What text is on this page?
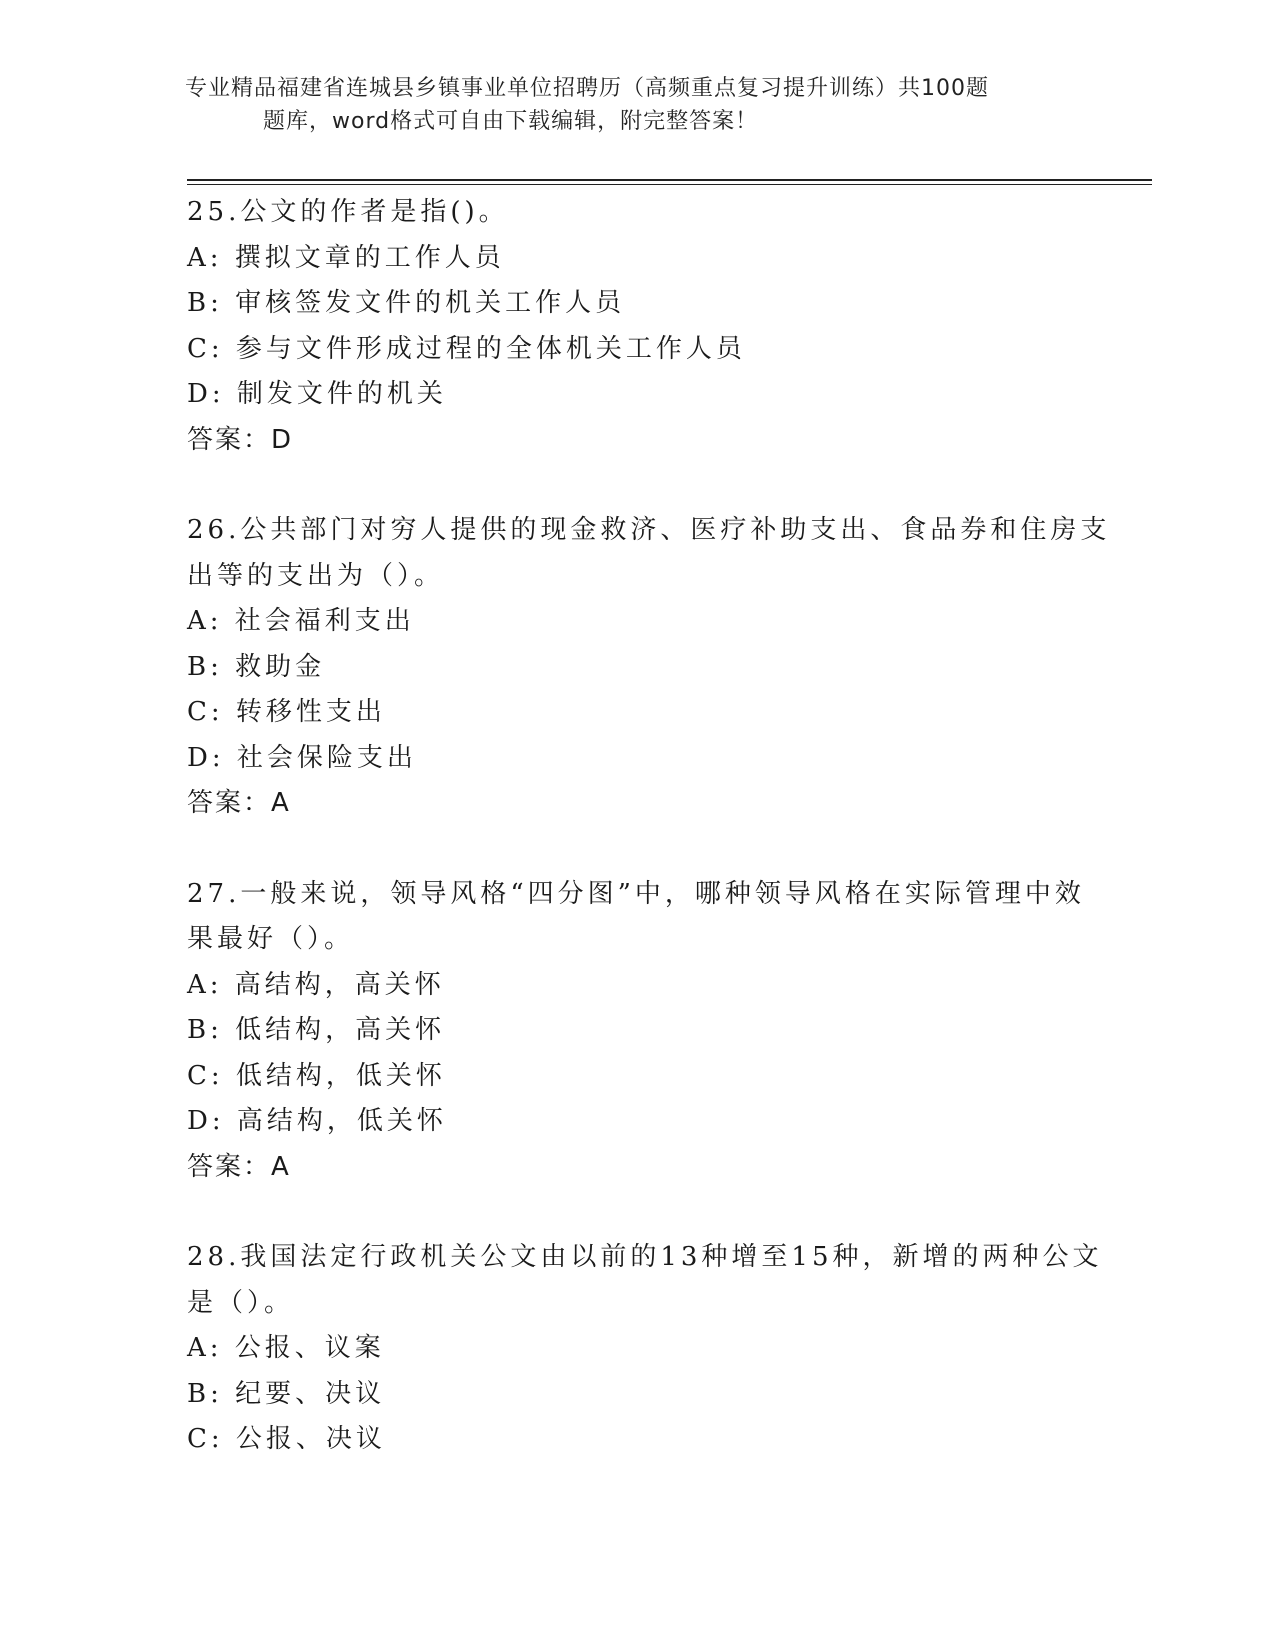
专业精品福建省连城县乡镇事业单位招聘历（高频重点复习提升训练）共100题
题库，word格式可自由下载编辑，附完整答案！
25.公文的作者是指()。
A: 撰拟文章的工作人员
B: 审核签发文件的机关工作人员
C: 参与文件形成过程的全体机关工作人员
D: 制发文件的机关
答案：D
26.公共部门对穷人提供的现金救济、医疗补助支出、食品券和住房支
出等的支出为（）。
A: 社会福利支出
B: 救助金
C: 转移性支出
D: 社会保险支出
答案：A
27.一般来说，领导风格“四分图”中，哪种领导风格在实际管理中效
果最好（）。
A: 高结构，高关怀
B: 低结构，高关怀
C: 低结构，低关怀
D: 高结构，低关怀
答案：A
28.我国法定行政机关公文由以前的13种增至15种，新增的两种公文
是（）。
A: 公报、议案
B: 纪要、决议
C: 公报、决议
